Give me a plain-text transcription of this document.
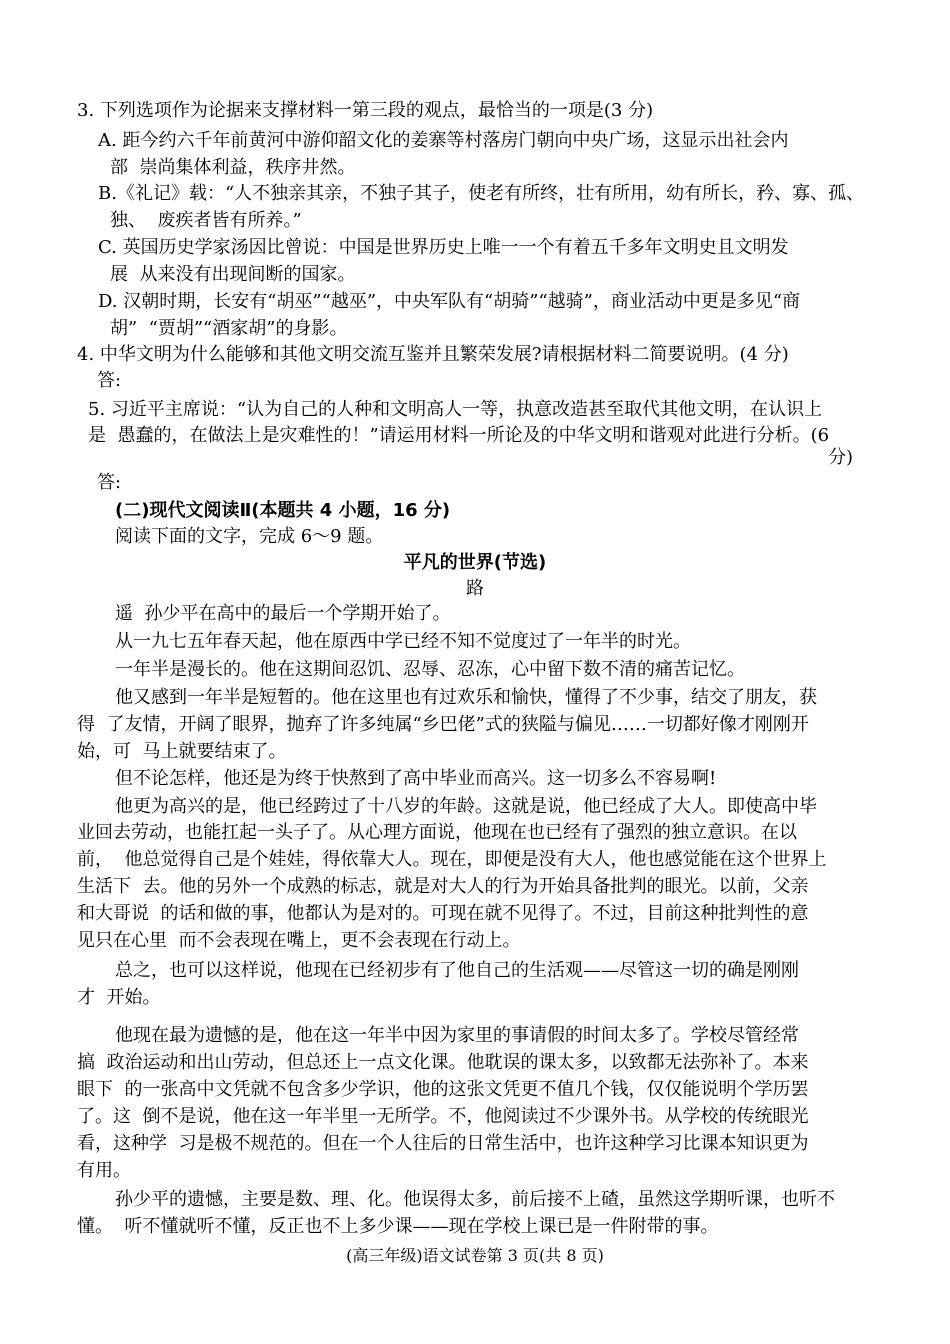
3. 下列选项作为论据来支撑材料一第三段的观点，最恰当的一项是(3 分)
A. 距今约六千年前黄河中游仰韶文化的姜寨等村落房门朝向中央广场，这显示出社会内
部  崇尚集体利益，秩序井然。
B.《礼记》载：“人不独亲其亲，不独子其子，使老有所终，壮有所用，幼有所长，矜、寡、孤、
独、  废疾者皆有所养。”
C. 英国历史学家汤因比曾说：中国是世界历史上唯一一个有着五千多年文明史且文明发
展  从来没有出现间断的国家。
D. 汉朝时期，长安有“胡巫”“越巫”，中央军队有“胡骑”“越骑”，商业活动中更是多见“商
胡”  “贾胡”“酒家胡”的身影。
4. 中华文明为什么能够和其他文明交流互鉴并且繁荣发展?请根据材料二简要说明。(4 分)
答:
5. 习近平主席说：“认为自己的人种和文明高人一等，执意改造甚至取代其他文明，在认识上
是  愚蠢的，在做法上是灾难性的！”请运用材料一所论及的中华文明和谐观对此进行分析。(6
分)
答:
(二)现代文阅读Ⅱ(本题共 4 小题，16 分)
阅读下面的文字，完成 6～9 题。
平凡的世界(节选)
路
遥  孙少平在高中的最后一个学期开始了。
从一九七五年春天起，他在原西中学已经不知不觉度过了一年半的时光。
一年半是漫长的。他在这期间忍饥、忍辱、忍冻，心中留下数不清的痛苦记忆。
他又感到一年半是短暂的。他在这里也有过欢乐和愉快，懂得了不少事，结交了朋友，获
得  了友情，开阔了眼界，抛弃了许多纯属“乡巴佬”式的狭隘与偏见……一切都好像才刚刚开
始，可  马上就要结束了。
但不论怎样，他还是为终于快熬到了高中毕业而高兴。这一切多么不容易啊!
他更为高兴的是，他已经跨过了十八岁的年龄。这就是说，他已经成了大人。即使高中毕
业回去劳动，也能扛起一头子了。从心理方面说，他现在也已经有了强烈的独立意识。在以
前，  他总觉得自己是个娃娃，得依靠大人。现在，即便是没有大人，他也感觉能在这个世界上
生活下  去。他的另外一个成熟的标志，就是对大人的行为开始具备批判的眼光。以前，父亲
和大哥说  的话和做的事，他都认为是对的。可现在就不见得了。不过，目前这种批判性的意
见只在心里  而不会表现在嘴上，更不会表现在行动上。
总之，也可以这样说，他现在已经初步有了他自己的生活观——尽管这一切的确是刚刚
才  开始。
他现在最为遗憾的是，他在这一年半中因为家里的事请假的时间太多了。学校尽管经常
搞  政治运动和出山劳动，但总还上一点文化课。他耽误的课太多，以致都无法弥补了。本来
眼下  的一张高中文凭就不包含多少学识，他的这张文凭更不值几个钱，仅仅能说明个学历罢
了。这  倒不是说，他在这一年半里一无所学。不，他阅读过不少课外书。从学校的传统眼光
看，这种学  习是极不规范的。但在一个人往后的日常生活中，也许这种学习比课本知识更为
有用。
孙少平的遗憾，主要是数、理、化。他误得太多，前后接不上碴，虽然这学期听课，也听不
懂。  听不懂就听不懂，反正也不上多少课——现在学校上课已是一件附带的事。
(高三年级)语文试卷第 3 页(共 8 页)
